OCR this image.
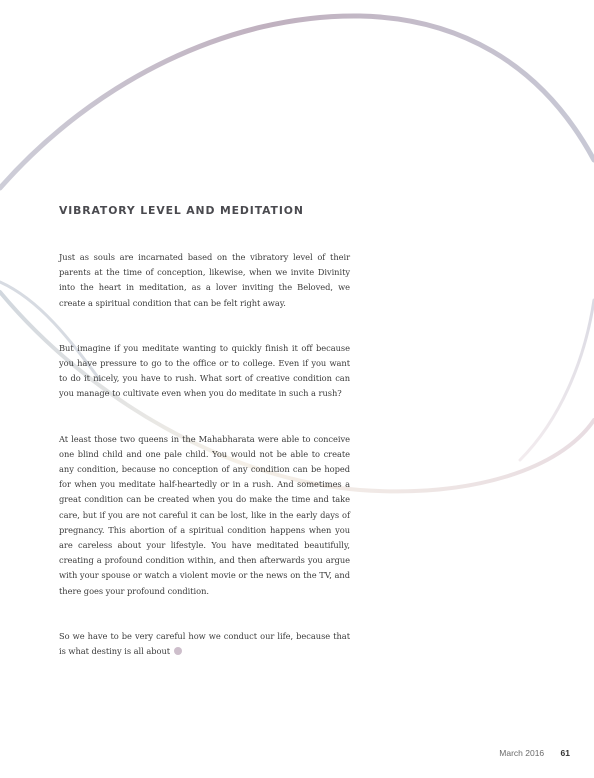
VIBRATORY LEVEL AND MEDITATION

Just as souls are incarnated based on the vibratory level of their parents at the time of conception, likewise, when we invite Divinity into the heart in meditation, as a lover inviting the Beloved, we create a spiritual condition that can be felt right away.

But imagine if you meditate wanting to quickly finish it off because you have pressure to go to the office or to college. Even if you want to do it nicely, you have to rush. What sort of creative condition can you manage to cultivate even when you do meditate in such a rush?

At least those two queens in the Mahabharata were able to conceive one blind child and one pale child. You would not be able to create any condition, because no conception of any condition can be hoped for when you meditate half-heartedly or in a rush. And sometimes a great condition can be created when you do make the time and take care, but if you are not careful it can be lost, like in the early days of pregnancy. This abortion of a spiritual condition happens when you are careless about your lifestyle. You have meditated beautifully, creating a profound condition within, and then afterwards you argue with your spouse or watch a violent movie or the news on the TV, and there goes your profound condition.

So we have to be very careful how we conduct our life, because that is what destiny is all about

March 2016 61
